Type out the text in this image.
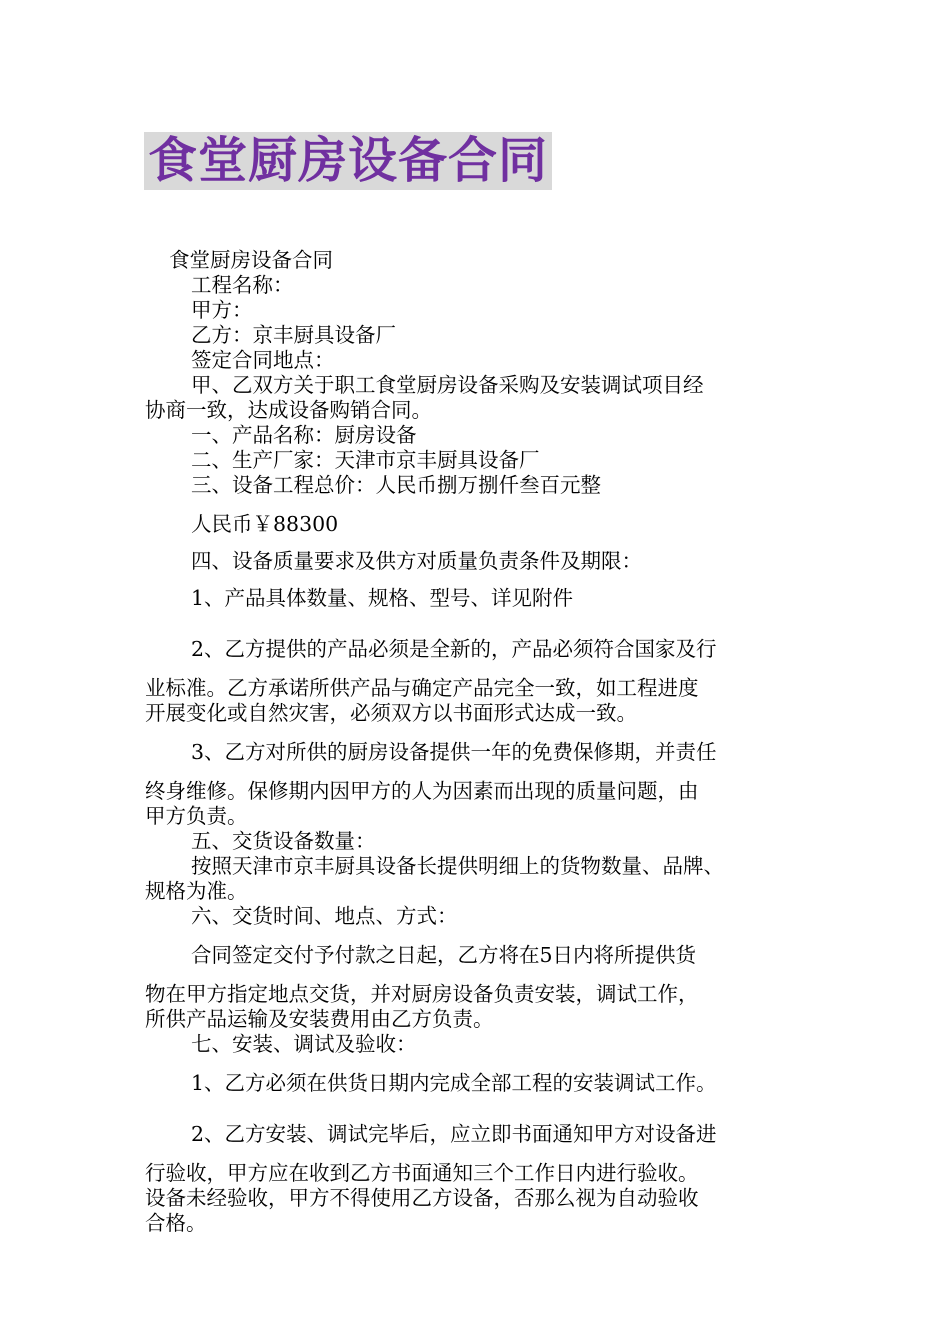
食堂厨房设备合同
食堂厨房设备合同
工程名称：
甲方：
乙方：京丰厨具设备厂
签定合同地点：
甲、乙双方关于职工食堂厨房设备采购及安装调试项目经
协商一致，达成设备购销合同。
一、产品名称：厨房设备
二、生产厂家：天津市京丰厨具设备厂
三、设备工程总价：人民币捌万捌仟叁百元整
人民币￥88300
四、设备质量要求及供方对质量负责条件及期限：
1、产品具体数量、规格、型号、详见附件
2、乙方提供的产品必须是全新的，产品必须符合国家及行
业标准。乙方承诺所供产品与确定产品完全一致，如工程进度
开展变化或自然灾害，必须双方以书面形式达成一致。
3、乙方对所供的厨房设备提供一年的免费保修期，并责任
终身维修。保修期内因甲方的人为因素而出现的质量问题，由
甲方负责。
五、交货设备数量：
按照天津市京丰厨具设备长提供明细上的货物数量、品牌、
规格为准。
六、交货时间、地点、方式：
合同签定交付予付款之日起，乙方将在5日内将所提供货
物在甲方指定地点交货，并对厨房设备负责安装，调试工作，
所供产品运输及安装费用由乙方负责。
七、安装、调试及验收：
1、乙方必须在供货日期内完成全部工程的安装调试工作。
2、乙方安装、调试完毕后，应立即书面通知甲方对设备进
行验收，甲方应在收到乙方书面通知三个工作日内进行验收。
设备未经验收，甲方不得使用乙方设备，否那么视为自动验收
合格。
